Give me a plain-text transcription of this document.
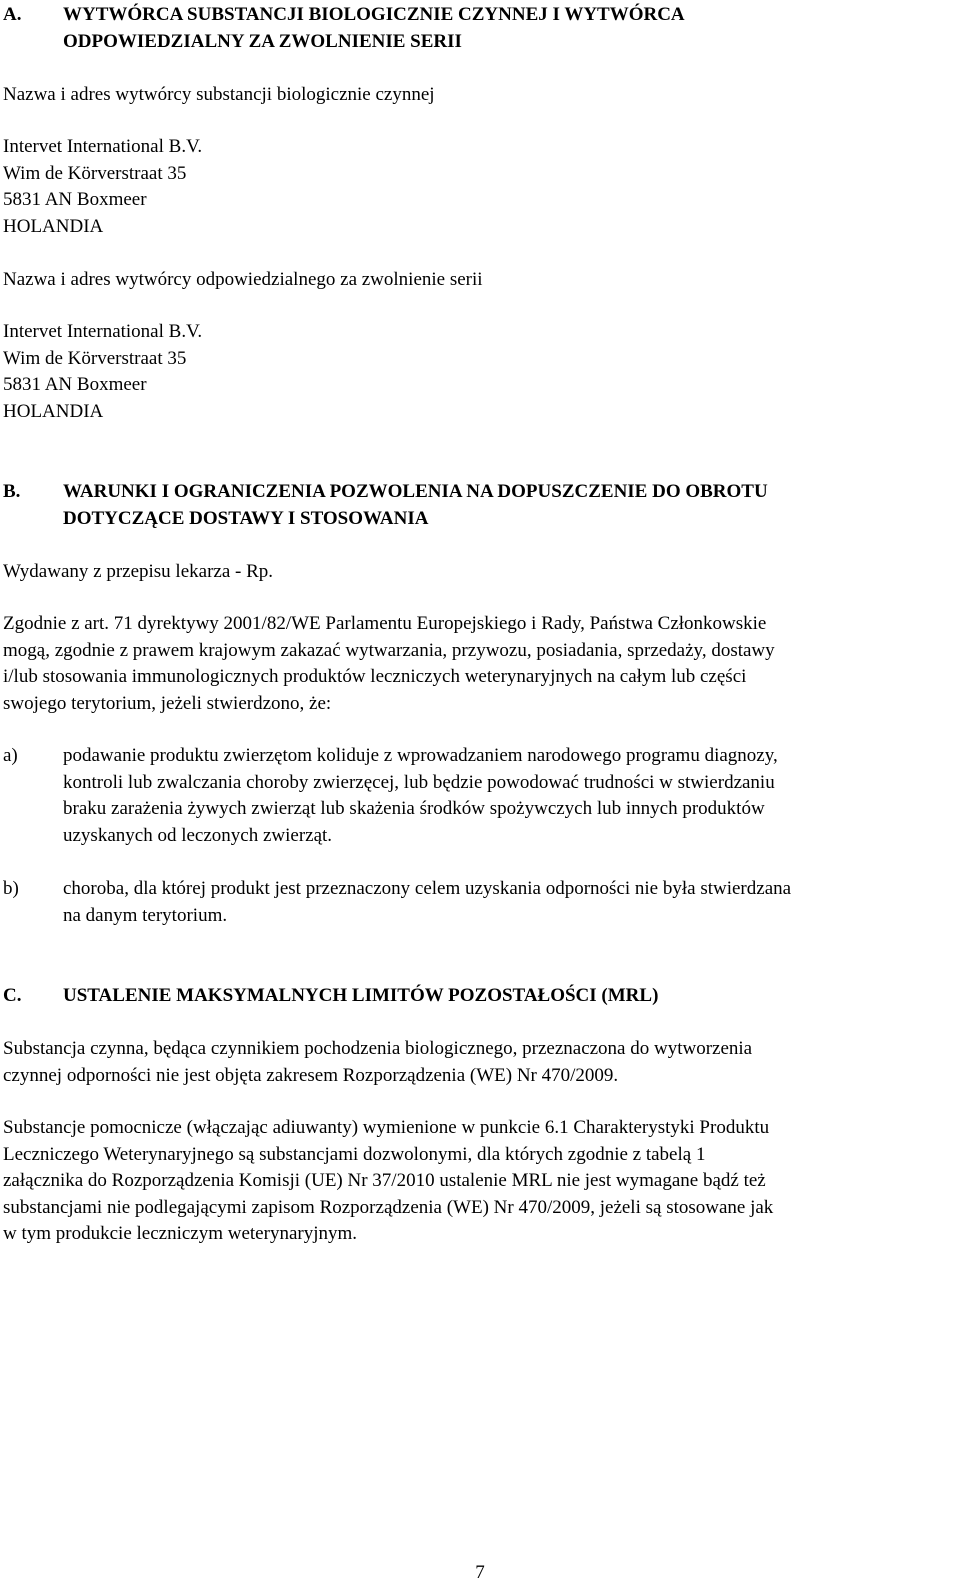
A. WYTWÓRCA SUBSTANCJI BIOLOGICZNIE CZYNNEJ I WYTWÓRCA
ODPOWIEDZIALNY ZA ZWOLNIENIE SERII

Nazwa i adres wytwórcy substancji biologicznie czynnej

Intervet International B.V.
Wim de Körverstraat 35
5831 AN Boxmeer
HOLANDIA

Nazwa i adres wytwórcy odpowiedzialnego za zwolnienie serii

Intervet International B.V.
Wim de Körverstraat 35
5831 AN Boxmeer
HOLANDIA

B. WARUNKI I OGRANICZENIA POZWOLENIA NA DOPUSZCZENIE DO OBROTU
DOTYCZĄCE DOSTAWY I STOSOWANIA

Wydawany z przepisu lekarza - Rp.

Zgodnie z art. 71 dyrektywy 2001/82/WE Parlamentu Europejskiego i Rady, Państwa Członkowskie
mogą, zgodnie z prawem krajowym zakazać wytwarzania, przywozu, posiadania, sprzedaży, dostawy
i/lub stosowania immunologicznych produktów leczniczych weterynaryjnych na całym lub części
swojego terytorium, jeżeli stwierdzono, że:

a) podawanie produktu zwierzętom koliduje z wprowadzaniem narodowego programu diagnozy,
kontroli lub zwalczania choroby zwierzęcej, lub będzie powodować trudności w stwierdzaniu
braku zarażenia żywych zwierząt lub skażenia środków spożywczych lub innych produktów
uzyskanych od leczonych zwierząt.
b) choroba, dla której produkt jest przeznaczony celem uzyskania odporności nie była stwierdzana
na danym terytorium.
C. USTALENIE MAKSYMALNYCH LIMITÓW POZOSTAŁOŚCI (MRL)

Substancja czynna, będąca czynnikiem pochodzenia biologicznego, przeznaczona do wytworzenia
czynnej odporności nie jest objęta zakresem Rozporządzenia (WE) Nr 470/2009.

Substancje pomocnicze (włączając adiuwanty) wymienione w punkcie 6.1 Charakterystyki Produktu
Leczniczego Weterynaryjnego są substancjami dozwolonymi, dla których zgodnie z tabelą 1
załącznika do Rozporządzenia Komisji (UE) Nr 37/2010 ustalenie MRL nie jest wymagane bądź też
substancjami nie podlegającymi zapisom Rozporządzenia (WE) Nr 470/2009, jeżeli są stosowane jak
w tym produkcie leczniczym weterynaryjnym.

7
